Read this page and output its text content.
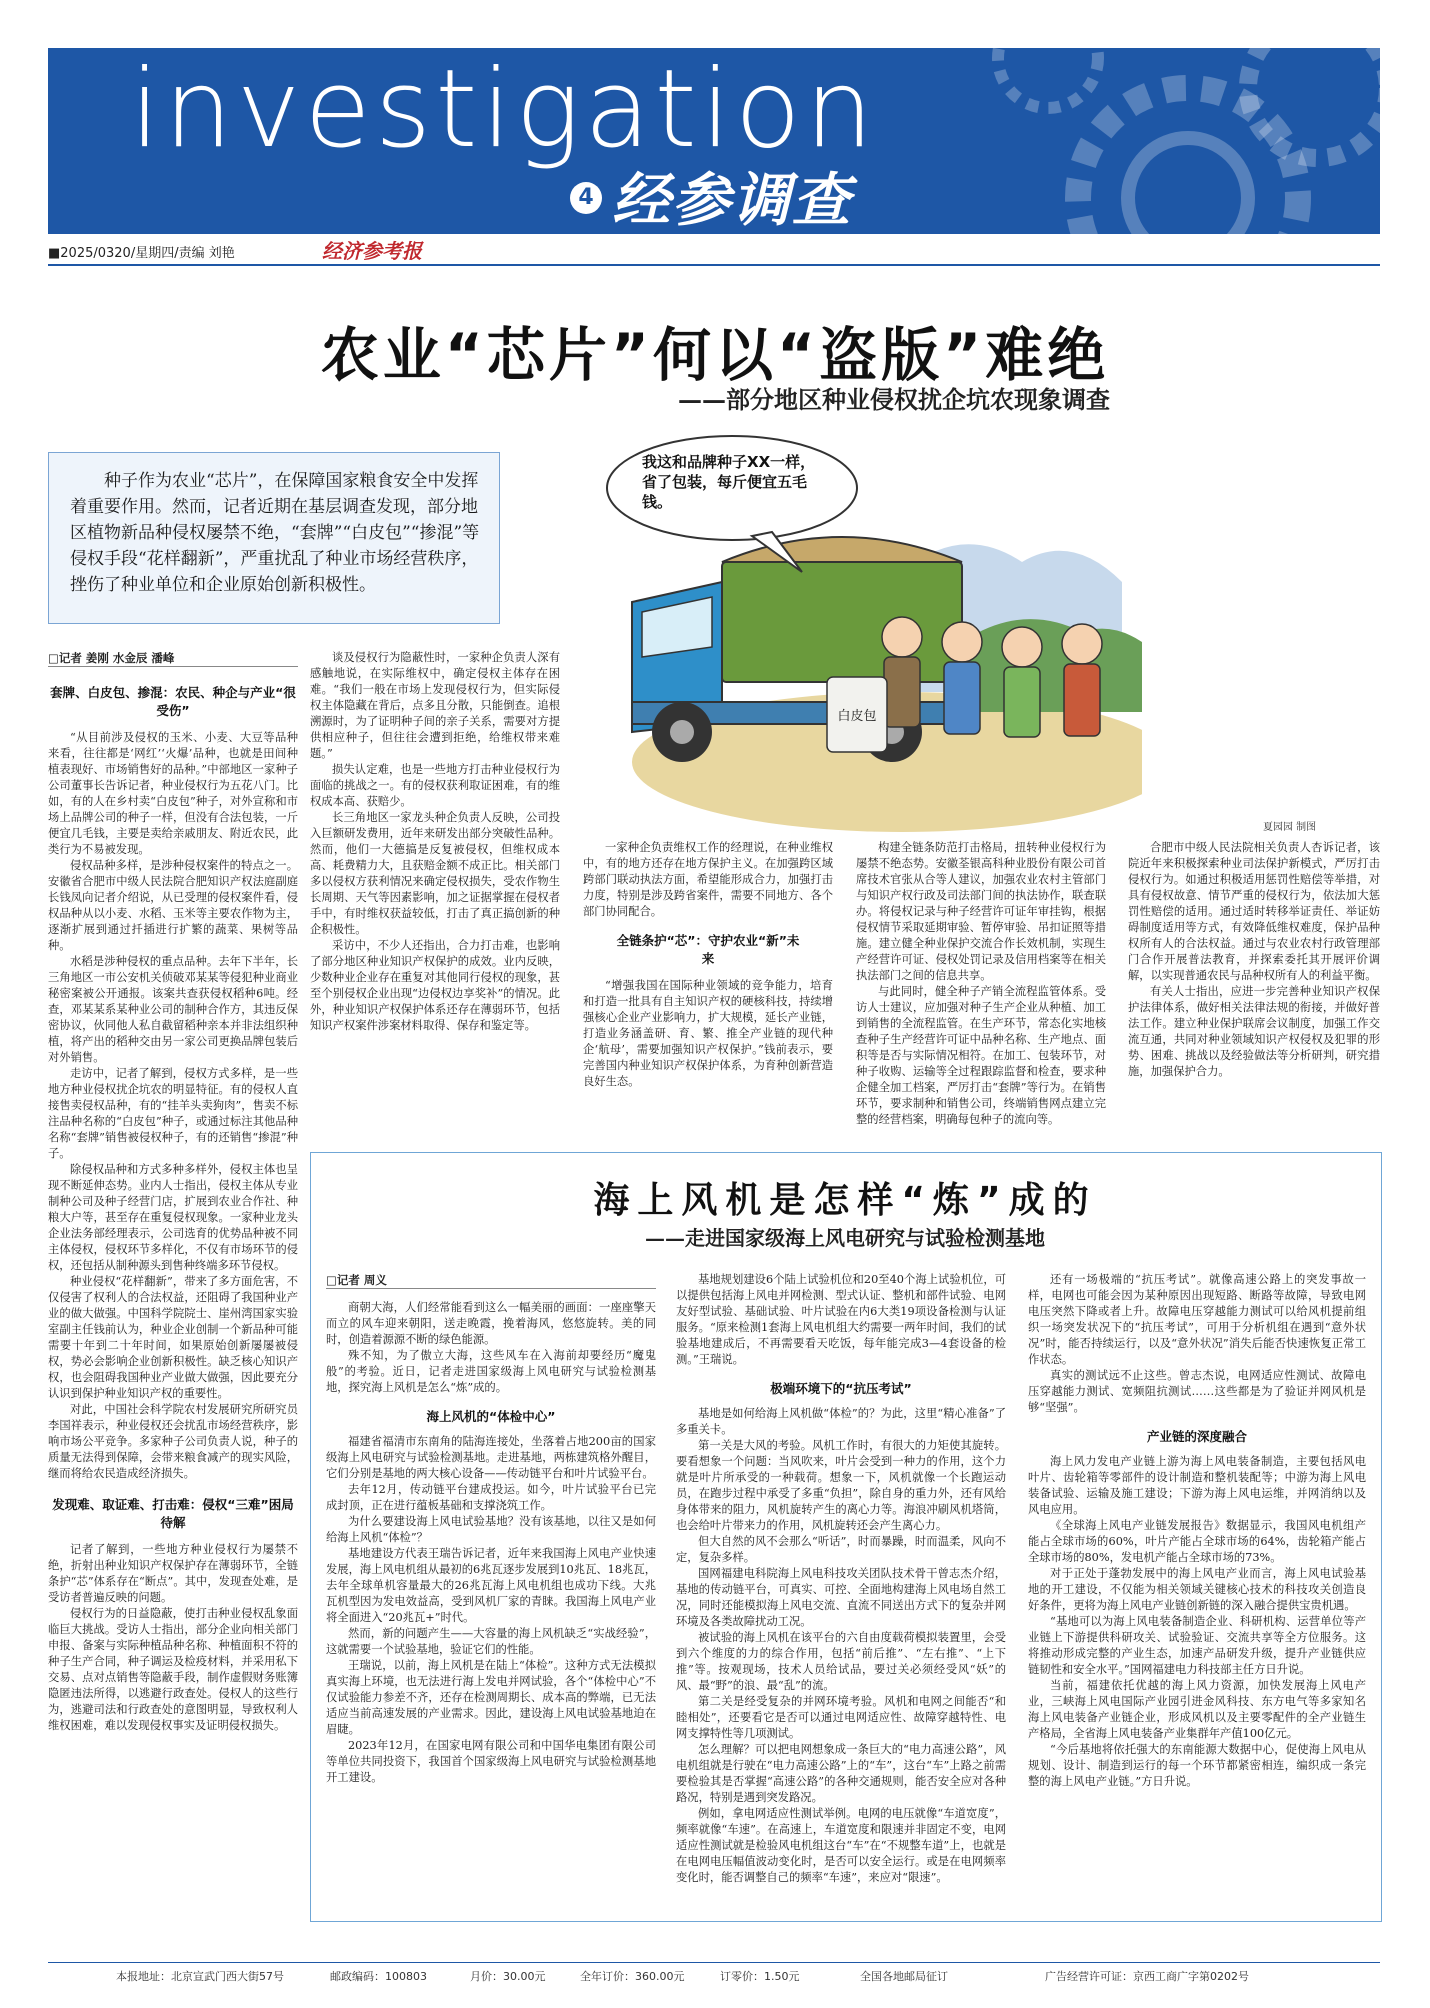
investigation
4 经参调查
■2025/0320/星期四/责编 刘艳	经济参考报
农业“芯片”何以“盗版”难绝
——部分地区种业侵权扰企坑农现象调查
种子作为农业“芯片”，在保障国家粮食安全中发挥着重要作用。然而，记者近期在基层调查发现，部分地区植物新品种侵权屡禁不绝，“套牌”“白皮包”“掺混”等侵权手段“花样翻新”，严重扰乱了种业市场经营秩序，挫伤了种业单位和企业原始创新积极性。
白皮包
我这和品牌种子XX一样，省了包装，每斤便宜五毛钱。
夏园园 制图
□记者 姜刚 水金辰 潘峰
套牌、白皮包、掺混：农民、种企与产业“很受伤”

“从目前涉及侵权的玉米、小麦、大豆等品种来看，往往都是‘网红’‘火爆’品种，也就是田间种植表现好、市场销售好的品种。”中部地区一家种子公司董事长告诉记者，种业侵权行为五花八门。比如，有的人在乡村卖“白皮包”种子，对外宣称和市场上品牌公司的种子一样，但没有合法包装，一斤便宜几毛钱，主要是卖给亲戚朋友、附近农民，此类行为不易被发现。

侵权品种多样，是涉种侵权案件的特点之一。安徽省合肥市中级人民法院合肥知识产权法庭副庭长钱凤向记者介绍说，从已受理的侵权案件看，侵权品种从以小麦、水稻、玉米等主要农作物为主，逐渐扩展到通过扦插进行扩繁的蔬菜、果树等品种。

水稻是涉种侵权的重点品种。去年下半年，长三角地区一市公安机关侦破邓某某等侵犯种业商业秘密案被公开通报。该案共查获侵权稻种6吨。经查，邓某某系某种业公司的制种合作方，其违反保密协议，伙同他人私自截留稻种亲本并非法组织种植，将产出的稻种交由另一家公司更换品牌包装后对外销售。

走访中，记者了解到，侵权方式多样，是一些地方种业侵权扰企坑农的明显特征。有的侵权人直接售卖侵权品种，有的“挂羊头卖狗肉”，售卖不标注品种名称的“白皮包”种子，或通过标注其他品种名称“套牌”销售被侵权种子，有的还销售“掺混”种子。

除侵权品种和方式多种多样外，侵权主体也呈现不断延伸态势。业内人士指出，侵权主体从专业制种公司及种子经营门店，扩展到农业合作社、种粮大户等，甚至存在重复侵权现象。一家种业龙头企业法务部经理表示，公司选育的优势品种被不同主体侵权，侵权环节多样化，不仅有市场环节的侵权，还包括从制种源头到售种终端多环节侵权。

种业侵权“花样翻新”，带来了多方面危害，不仅侵害了权利人的合法权益，还阻碍了我国种业产业的做大做强。中国科学院院士、崖州湾国家实验室副主任钱前认为，种业企业创制一个新品种可能需要十年到二十年时间，如果原始创新屡屡被侵权，势必会影响企业创新积极性。缺乏核心知识产权，也会阻碍我国种业产业做大做强，因此要充分认识到保护种业知识产权的重要性。

对此，中国社会科学院农村发展研究所研究员李国祥表示，种业侵权还会扰乱市场经营秩序，影响市场公平竞争。多家种子公司负责人说，种子的质量无法得到保障，会带来粮食减产的现实风险，继而将给农民造成经济损失。

发现难、取证难、打击难：侵权“三难”困局待解

记者了解到，一些地方种业侵权行为屡禁不绝，折射出种业知识产权保护存在薄弱环节，全链条护“芯”体系存在“断点”。其中，发现查处难，是受访者普遍反映的问题。

侵权行为的日益隐蔽，使打击种业侵权乱象面临巨大挑战。受访人士指出，部分企业向相关部门申报、备案与实际种植品种名称、种植面积不符的种子生产合同，种子调运及检疫材料，并采用私下交易、点对点销售等隐蔽手段，制作虚假财务账簿隐匿违法所得，以逃避行政查处。侵权人的这些行为，逃避司法和行政查处的意图明显，导致权利人维权困难，难以发现侵权事实及证明侵权损失。

谈及侵权行为隐蔽性时，一家种企负责人深有感触地说，在实际维权中，确定侵权主体存在困难。“我们一般在市场上发现侵权行为，但实际侵权主体隐藏在背后，点多且分散，只能倒查。追根溯源时，为了证明种子间的亲子关系，需要对方提供相应种子，但往往会遭到拒绝，给维权带来难题。”

损失认定难，也是一些地方打击种业侵权行为面临的挑战之一。有的侵权获利取证困难，有的维权成本高、获赔少。

长三角地区一家龙头种企负责人反映，公司投入巨额研发费用，近年来研发出部分突破性品种。然而，他们一大德搞是反复被侵权，但维权成本高、耗费精力大，且获赔金额不成正比。相关部门多以侵权方获利情况来确定侵权损失，受农作物生长周期、天气等因素影响，加之证据掌握在侵权者手中，有时维权获益较低，打击了真正搞创新的种企积极性。

采访中，不少人还指出，合力打击难，也影响了部分地区种业知识产权保护的成效。业内反映，少数种业企业存在重复对其他同行侵权的现象，甚至个别侵权企业出现“边侵权边享奖补”的情况。此外，种业知识产权保护体系还存在薄弱环节，包括知识产权案件涉案材料取得、保存和鉴定等。

一家种企负责维权工作的经理说，在种业维权中，有的地方还存在地方保护主义。在加强跨区域跨部门联动执法方面，希望能形成合力，加强打击力度，特别是涉及跨省案件，需要不同地方、各个部门协同配合。

全链条护“芯”：守护农业“新”未来

“增强我国在国际种业领域的竞争能力，培育和打造一批具有自主知识产权的硬核科技，持续增强核心企业产业影响力，扩大规模，延长产业链，打造业务涵盖研、育、繁、推全产业链的现代种企‘航母’，需要加强知识产权保护。”钱前表示，要完善国内种业知识产权保护体系，为育种创新营造良好生态。

构建全链条防范打击格局，扭转种业侵权行为屡禁不绝态势。安徽荃银高科种业股份有限公司首席技术官张从合等人建议，加强农业农村主管部门与知识产权行政及司法部门间的执法协作，联查联办。将侵权记录与种子经营许可证年审挂钩，根据侵权情节采取延期审验、暂停审验、吊扣证照等措施。建立健全种业保护交流合作长效机制，实现生产经营许可证、侵权处罚记录及信用档案等在相关执法部门之间的信息共享。

与此同时，健全种子产销全流程监管体系。受访人士建议，应加强对种子生产企业从种植、加工到销售的全流程监管。在生产环节，常态化实地核查种子生产经营许可证中品种名称、生产地点、面积等是否与实际情况相符。在加工、包装环节，对种子收购、运输等全过程跟踪监督和检查，要求种企健全加工档案，严厉打击“套牌”等行为。在销售环节，要求制种和销售公司，终端销售网点建立完整的经营档案，明确每包种子的流向等。

合肥市中级人民法院相关负责人杏诉记者，该院近年来积极探索种业司法保护新模式，严厉打击侵权行为。如通过积极适用惩罚性赔偿等举措，对具有侵权故意、情节严重的侵权行为，依法加大惩罚性赔偿的适用。通过适时转移举证责任、举证妨碍制度适用等方式，有效降低维权难度，保护品种权所有人的合法权益。通过与农业农村行政管理部门合作开展普法教育，并探索委托其开展评价调解，以实现普通农民与品种权所有人的利益平衡。

有关人士指出，应进一步完善种业知识产权保护法律体系，做好相关法律法规的衔接，并做好普法工作。建立种业保护联席会议制度，加强工作交流互通，共同对种业领域知识产权侵权及犯罪的形势、困难、挑战以及经验做法等分析研判，研究措施，加强保护合力。

海上风机是怎样“炼”成的
——走进国家级海上风电研究与试验检测基地
□记者 周义

商朝大海，人们经常能看到这么一幅美丽的画面：一座座擎天而立的风车迎来朝阳，送走晚霞，挽着海风，悠悠旋转。美的同时，创造着源源不断的绿色能源。

殊不知，为了傲立大海，这些风车在入海前却要经历“魔鬼般”的考验。近日，记者走进国家级海上风电研究与试验检测基地，探究海上风机是怎么“炼”成的。

海上风机的“体检中心”

福建省福清市东南角的陆海连接处，坐落着占地200亩的国家级海上风电研究与试验检测基地。走进基地，两栋建筑格外醒目，它们分别是基地的两大核心设备——传动链平台和叶片试验平台。

去年12月，传动链平台建成投运。如今，叶片试验平台已完成封顶，正在进行蕴板基础和支撑浇筑工作。

为什么要建设海上风电试验基地？没有该基地，以往又是如何给海上风机“体检”？

基地建设方代表王瑞告诉记者，近年来我国海上风电产业快速发展，海上风电机组从最初的6兆瓦逐步发展到10兆瓦、18兆瓦，去年全球单机容量最大的26兆瓦海上风电机组也成功下线。大兆瓦机型因为发电效益高，受到风机厂家的青睐。我国海上风电产业将全面进入“20兆瓦+”时代。

然而，新的问题产生——大容量的海上风机缺乏“实战经验”，这就需要一个试验基地，验证它们的性能。

王瑞说，以前，海上风机是在陆上“体检”。这种方式无法模拟真实海上环境，也无法进行海上发电并网试验，各个“体检中心”不仅试验能力参差不齐，还存在检测周期长、成本高的弊端，已无法适应当前高速发展的产业需求。因此，建设海上风电试验基地迫在眉睫。

2023年12月，在国家电网有限公司和中国华电集团有限公司等单位共同投资下，我国首个国家级海上风电研究与试验检测基地开工建设。

基地规划建设6个陆上试验机位和20至40个海上试验机位，可以提供包括海上风电并网检测、型式认证、整机和部件试验、电网友好型试验、基础试验、叶片试验在内6大类19项设备检测与认证服务。“原来检测1套海上风电机组大约需要一两年时间，我们的试验基地建成后，不再需要看天吃饭，每年能完成3—4套设备的检测。”王瑞说。

极端环境下的“抗压考试”

基地是如何给海上风机做“体检”的？为此，这里“精心准备”了多重关卡。

第一关是大风的考验。风机工作时，有很大的力矩使其旋转。要看想象一个问题：当风吹来，叶片会受到一种力的作用，这个力就是叶片所承受的一种载荷。想象一下，风机就像一个长跑运动员，在跑步过程中承受了多重“负担”，除自身的重力外，还有风给身体带来的阻力，风机旋转产生的离心力等。海浪冲刷风机塔筒，也会给叶片带来力的作用，风机旋转还会产生离心力。

但大自然的风不会那么“听话”，时而暴躁，时而温柔，风向不定，复杂多样。

国网福建电科院海上风电科技攻关团队技术骨干曾志杰介绍，基地的传动链平台，可真实、可控、全面地构建海上风电场自然工况，同时还能模拟海上风电交流、直流不同送出方式下的复杂并网环境及各类故障扰动工况。

被试验的海上风机在该平台的六自由度载荷模拟装置里，会受到六个维度的力的综合作用，包括“前后推”、“左右推”、“上下推”等。按观现场，技术人员给试品，要过关必须经受风“妖”的风、最“野”的浪、最“乱”的流。

第二关是经受复杂的并网环境考验。风机和电网之间能否“和睦相处”，还要看它是否可以通过电网适应性、故障穿越特性、电网支撑特性等几项测试。

怎么理解？可以把电网想象成一条巨大的“电力高速公路”，风电机组就是行驶在“电力高速公路”上的“车”，这台“车”上路之前需要检验其是否掌握“高速公路”的各种交通规则，能否安全应对各种路况，特别是遇到突发路况。

例如，拿电网适应性测试举例。电网的电压就像“车道宽度”，频率就像“车速”。在高速上，车道宽度和限速并非固定不变，电网适应性测试就是检验风电机组这台“车”在“不规整车道”上，也就是在电网电压幅值波动变化时，是否可以安全运行。或是在电网频率变化时，能否调整自己的频率“车速”，来应对“限速”。

还有一场极端的“抗压考试”。就像高速公路上的突发事故一样，电网也可能会因为某种原因出现短路、断路等故障，导致电网电压突然下降或者上升。故障电压穿越能力测试可以给风机提前组织一场突发状况下的“抗压考试”，可用于分析机组在遇到“意外状况”时，能否持续运行，以及“意外状况”消失后能否快速恢复正常工作状态。

真实的测试远不止这些。曾志杰说，电网适应性测试、故障电压穿越能力测试、宽频阻抗测试……这些都是为了验证并网风机是够“坚强”。

产业链的深度融合

海上风力发电产业链上游为海上风电装备制造，主要包括风电叶片、齿轮箱等零部件的设计制造和整机装配等；中游为海上风电装备试验、运输及施工建设；下游为海上风电运维，并网消纳以及风电应用。

《全球海上风电产业链发展报告》数据显示，我国风电机组产能占全球市场的60%，叶片产能占全球市场的64%，齿轮箱产能占全球市场的80%，发电机产能占全球市场的73%。

对于正处于蓬勃发展中的海上风电产业而言，海上风电试验基地的开工建设，不仅能为相关领域关键核心技术的科技攻关创造良好条件，更将为海上风电产业链创新链的深入融合提供宝贵机遇。

“基地可以为海上风电装备制造企业、科研机构、运营单位等产业链上下游提供科研攻关、试验验证、交流共享等全方位服务。这将推动形成完整的产业生态，加速产品研发升级，提升产业链供应链韧性和安全水平。”国网福建电力科技部主任方日升说。

当前，福建依托优越的海上风力资源，加快发展海上风电产业，三峡海上风电国际产业园引进金风科技、东方电气等多家知名海上风电装备产业链企业，形成风机以及主要零配件的全产业链生产格局，全省海上风电装备产业集群年产值100亿元。

“今后基地将依托强大的东南能源大数据中心，促使海上风电从规划、设计、制造到运行的每一个环节都紧密相连，编织成一条完整的海上风电产业链。”方日升说。

本报地址：北京宣武门西大街57号	邮政编码：100803	月价：30.00元	全年订价：360.00元	订零价：1.50元	全国各地邮局征订	广告经营许可证：京西工商广字第0202号
